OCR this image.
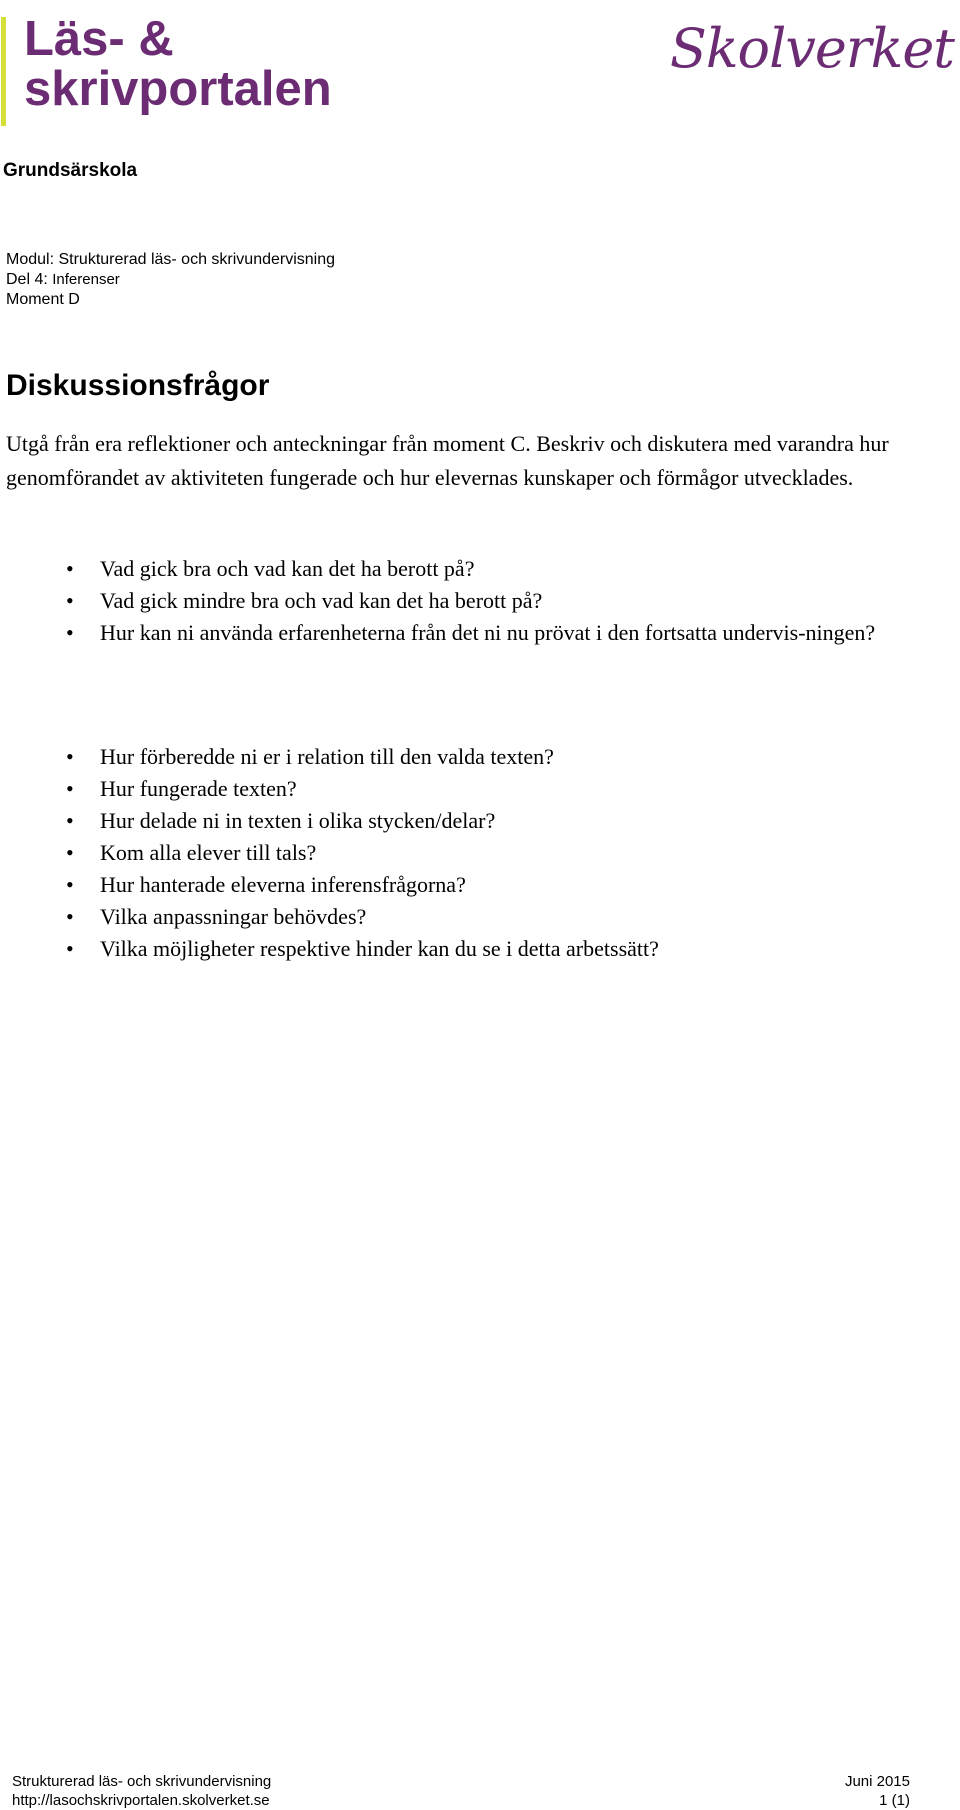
Läs- &
skrivportalen
Skolverket
Grundsärskola
Modul: Strukturerad läs- och skrivundervisning
Del 4: Inferenser
Moment D
Diskussionsfrågor

Utgå från era reflektioner och anteckningar från moment C. Beskriv och diskutera med varandra hur genomförandet av aktiviteten fungerade och hur elevernas kunskaper och förmågor utvecklades.

• Vad gick bra och vad kan det ha berott på?
• Vad gick mindre bra och vad kan det ha berott på?
• Hur kan ni använda erfarenheterna från det ni nu prövat i den fortsatta undervis-ningen?
• Hur förberedde ni er i relation till den valda texten?
• Hur fungerade texten?
• Hur delade ni in texten i olika stycken/delar?
• Kom alla elever till tals?
• Hur hanterade eleverna inferensfrågorna?
• Vilka anpassningar behövdes?
• Vilka möjligheter respektive hinder kan du se i detta arbetssätt?
Strukturerad läs- och skrivundervisning	Juni 2015
http://lasochskrivportalen.skolverket.se	1 (1)
